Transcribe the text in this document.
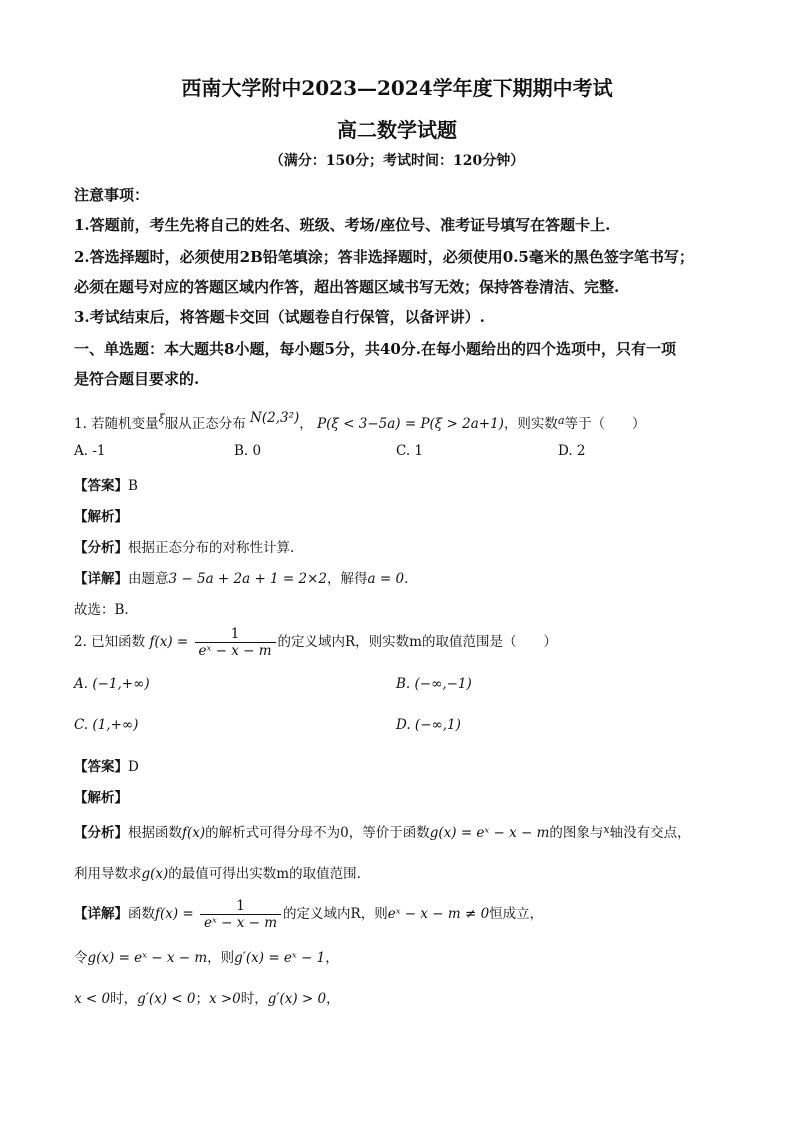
西南大学附中2023—2024学年度下期期中考试
高二数学试题
（满分：150分；考试时间：120分钟）
注意事项：
1.答题前，考生先将自己的姓名、班级、考场/座位号、准考证号填写在答题卡上.
2.答选择题时，必须使用2B铅笔填涂；答非选择题时，必须使用0.5毫米的黑色签字笔书写；
必须在题号对应的答题区域内作答，超出答题区域书写无效；保持答卷清洁、完整.
3.考试结束后，将答题卡交回（试题卷自行保管，以备评讲）.
一、单选题：本大题共8小题，每小题5分，共40分.在每小题给出的四个选项中，只有一项
是符合题目要求的.
1. 若随机变量$^\xi$服从正态分布 N(2,3²)， P(ξ < 3−5a) = P(ξ > 2a+1)，则实数$^a$等于（　　）
A. -1	B. 0	C. 1	D. 2
【答案】B
【解析】
【分析】根据正态分布的对称性计算.
【详解】由题意3 − 5a + 2a + 1 = 2×2，解得a = 0.
故选：B.
2. 已知函数 $f(x) = \frac{1}{\text{eˣ − x − m}}$ 的定义域内R，则实数m的取值范围是（　　）
A. (−1,+∞)	B. (−∞,−1)
C. (1,+∞)	D. (−∞,1)
【答案】D
【解析】
【分析】根据函数f(x)的解析式可得分母不为0，等价于函数g(x) = eˣ − x − m的图象与$^x$轴没有交点，
利用导数求g(x)的最值可得出实数m的取值范围.
【详解】函数$f(x) = \frac{1}{\text{eˣ − x − m}}$ 的定义域内R，则eˣ − x − m ≠ 0恒成立，
令g(x) = eˣ − x − m，则g′(x) = eˣ − 1，
x < 0时，g′(x) < 0；x >0时，g′(x) > 0，
